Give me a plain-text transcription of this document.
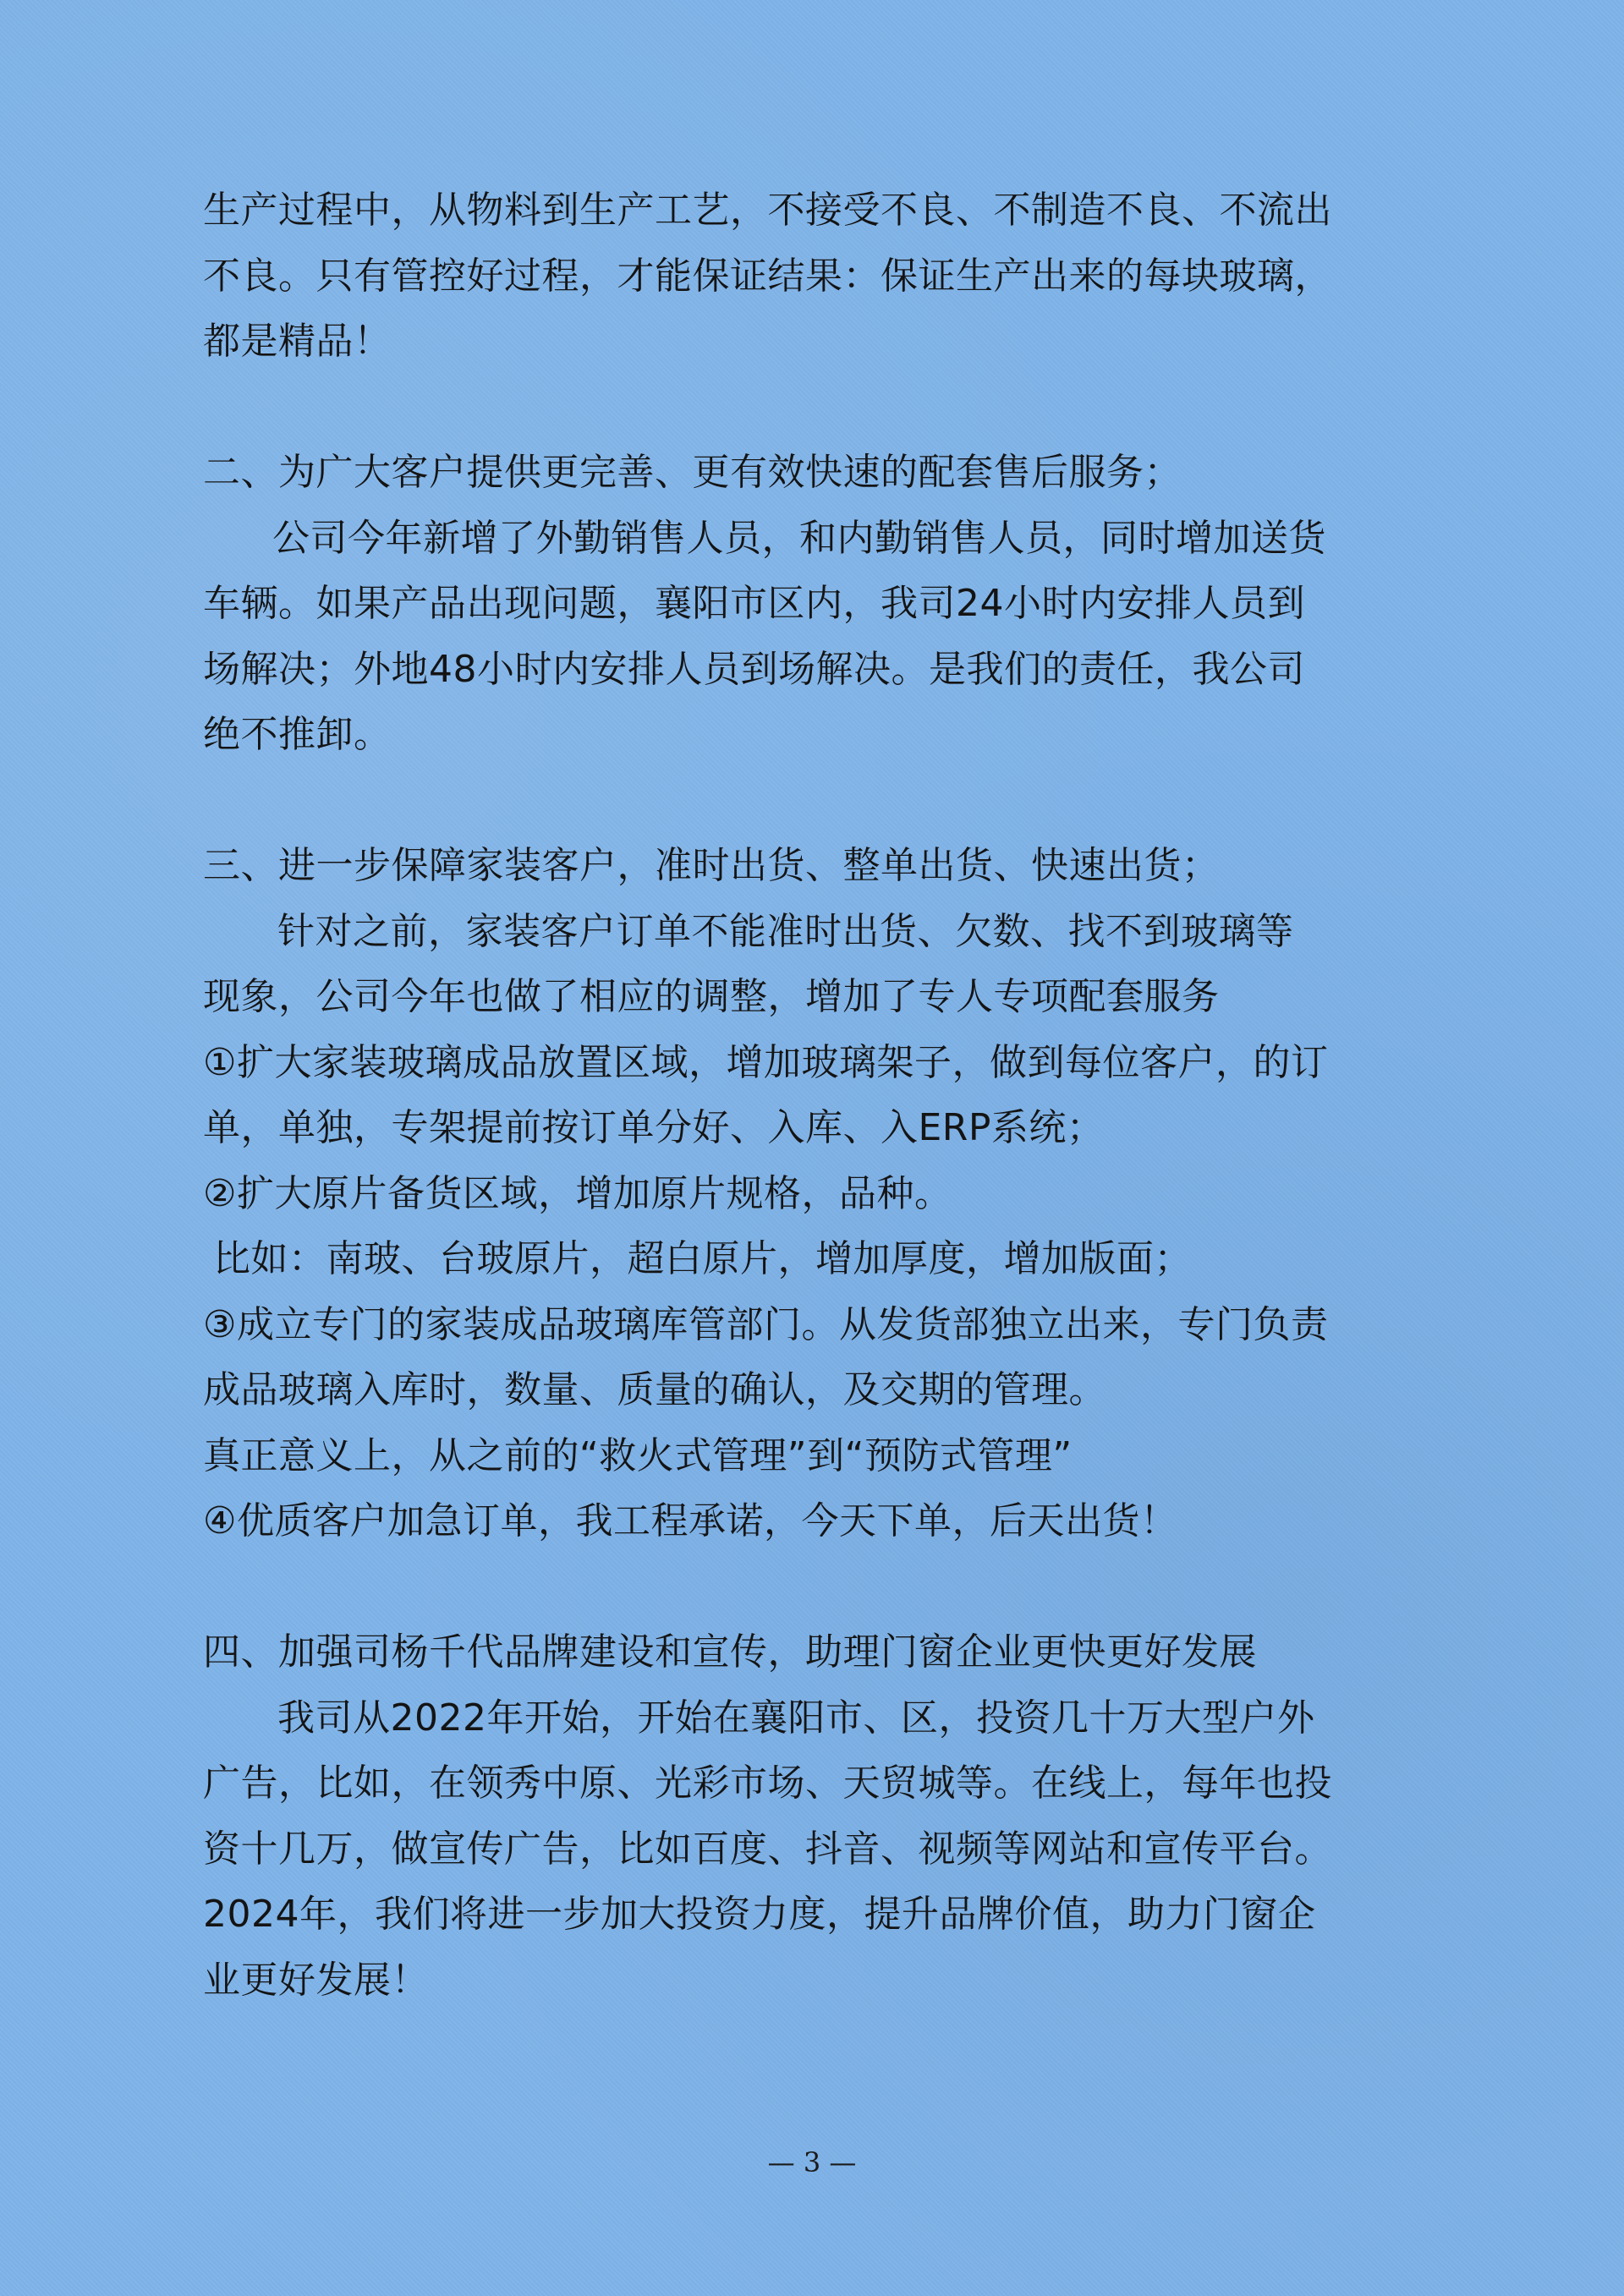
生产过程中，从物料到生产工艺，不接受不良、不制造不良、不流出
不良。只有管控好过程，才能保证结果：保证生产出来的每块玻璃，
都是精品！
二、为广大客户提供更完善、更有效快速的配套售后服务；
公司今年新增了外勤销售人员，和内勤销售人员，同时增加送货
车辆。如果产品出现问题，襄阳市区内，我司24小时内安排人员到
场解决；外地48小时内安排人员到场解决。是我们的责任，我公司
绝不推卸。
三、进一步保障家装客户，准时出货、整单出货、快速出货；
针对之前，家装客户订单不能准时出货、欠数、找不到玻璃等
现象，公司今年也做了相应的调整，增加了专人专项配套服务
①扩大家装玻璃成品放置区域，增加玻璃架子，做到每位客户，的订
单，单独，专架提前按订单分好、入库、入ERP系统；
②扩大原片备货区域，增加原片规格，品种。
比如：南玻、台玻原片，超白原片，增加厚度，增加版面；
③成立专门的家装成品玻璃库管部门。从发货部独立出来，专门负责
成品玻璃入库时，数量、质量的确认，及交期的管理。
真正意义上，从之前的“救火式管理”到“预防式管理”
④优质客户加急订单，我工程承诺，今天下单，后天出货！
四、加强司杨千代品牌建设和宣传，助理门窗企业更快更好发展
我司从2022年开始，开始在襄阳市、区，投资几十万大型户外
广告，比如，在领秀中原、光彩市场、天贸城等。在线上，每年也投
资十几万，做宣传广告，比如百度、抖音、视频等网站和宣传平台。
2024年，我们将进一步加大投资力度，提升品牌价值，助力门窗企
业更好发展！
— 3 —
